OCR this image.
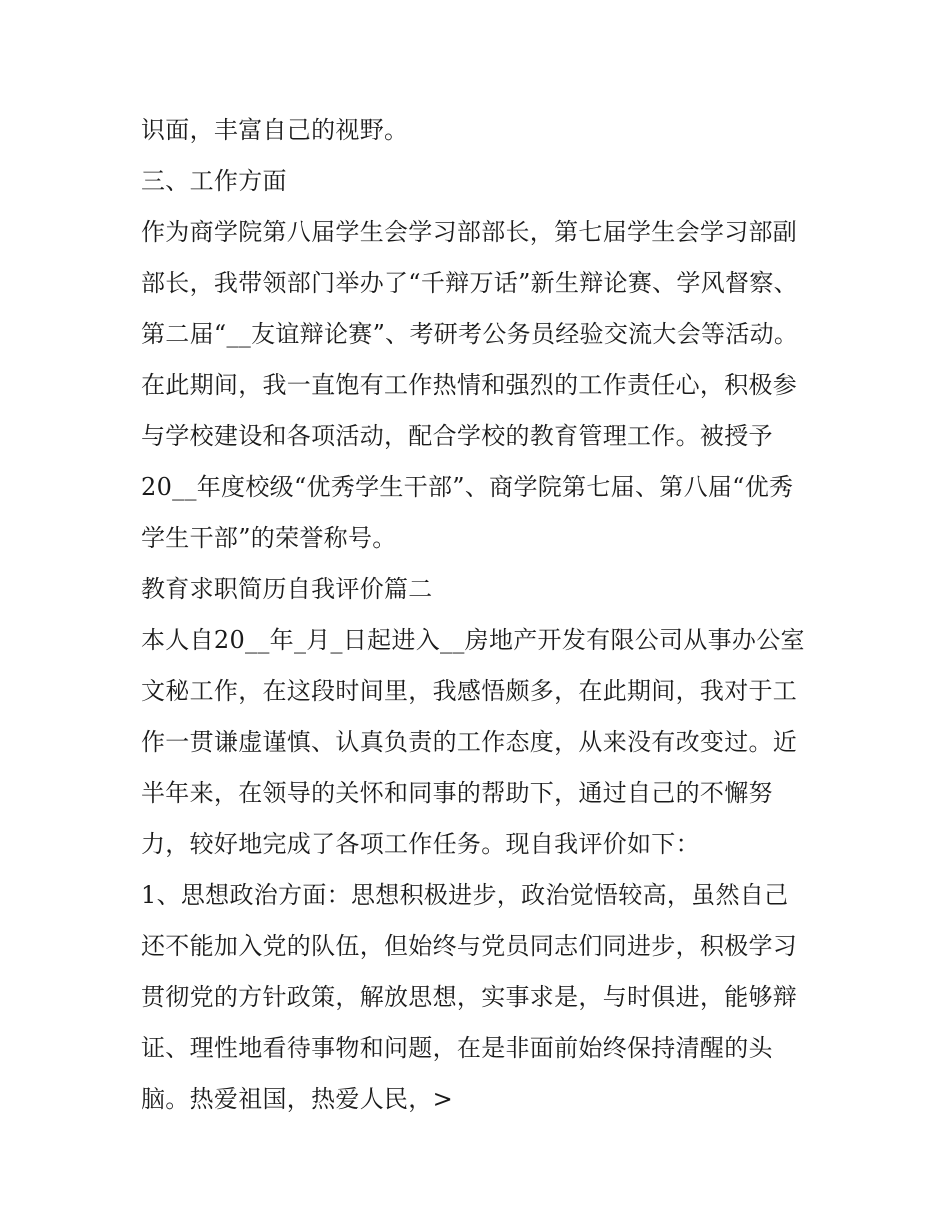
识面，丰富自己的视野。
三、工作方面
作为商学院第八届学生会学习部部长，第七届学生会学习部副
部长，我带领部门举办了“千辩万话”新生辩论赛、学风督察、
第二届“__友谊辩论赛”、考研考公务员经验交流大会等活动。
在此期间，我一直饱有工作热情和强烈的工作责任心，积极参
与学校建设和各项活动，配合学校的教育管理工作。被授予
20__年度校级“优秀学生干部”、商学院第七届、第八届“优秀
学生干部”的荣誉称号。
教育求职简历自我评价篇二
本人自20__年_月_日起进入__房地产开发有限公司从事办公室
文秘工作，在这段时间里，我感悟颇多，在此期间，我对于工
作一贯谦虚谨慎、认真负责的工作态度，从来没有改变过。近
半年来，在领导的关怀和同事的帮助下，通过自己的不懈努
力，较好地完成了各项工作任务。现自我评价如下：
1、思想政治方面：思想积极进步，政治觉悟较高，虽然自己
还不能加入党的队伍，但始终与党员同志们同进步，积极学习
贯彻党的方针政策，解放思想，实事求是，与时俱进，能够辩
证、理性地看待事物和问题，在是非面前始终保持清醒的头
脑。热爱祖国，热爱人民，>
